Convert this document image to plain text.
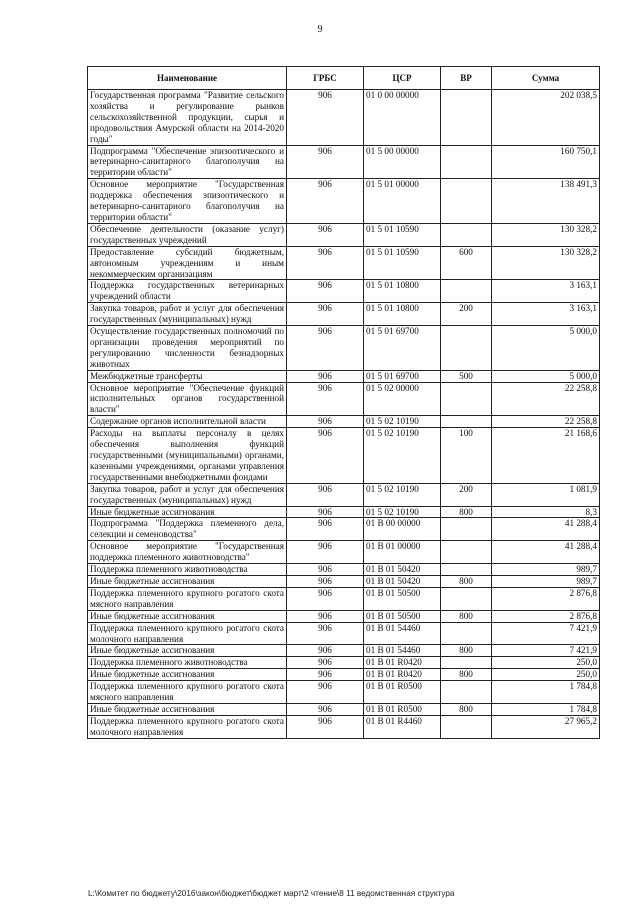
9
Наименование	ГРБС	ЦСР	ВР	Сумма
Государственная программа "Развитие сельского хозяйства и регулирование рынков сельскохозяйственной продукции, сырья и продовольствия Амурской области на 2014-2020 годы"	906	01 0 00 00000		202 038,5
Подпрограмма "Обеспечение эпизоотического и ветеринарно-санитарного благополучия на территории области"	906	01 5 00 00000		160 750,1
Основное мероприятие "Государственная поддержка обеспечения эпизоотического и ветеринарно-санитарного благополучия на территории области"	906	01 5 01 00000		138 491,3
Обеспечение деятельности (оказание услуг) государственных учреждений	906	01 5 01 10590		130 328,2
Предоставление субсидий бюджетным, автономным учреждениям и иным некоммерческим организациям	906	01 5 01 10590	600	130 328,2
Поддержка государственных ветеринарных учреждений области	906	01 5 01 10800		3 163,1
Закупка товаров, работ и услуг для обеспечения государственных (муниципальных) нужд	906	01 5 01 10800	200	3 163,1
Осуществление государственных полномочий по организации проведения мероприятий по регулированию численности безнадзорных животных	906	01 5 01 69700		5 000,0
Межбюджетные трансферты	906	01 5 01 69700	500	5 000,0
Основное мероприятие "Обеспечение функций исполнительных органов государственной власти"	906	01 5 02 00000		22 258,8
Содержание органов исполнительной власти	906	01 5 02 10190		22 258,8
Расходы на выплаты персоналу в целях обеспечения выполнения функций государственными (муниципальными) органами, казенными учреждениями, органами управления государственными внебюджетными фондами	906	01 5 02 10190	100	21 168,6
Закупка товаров, работ и услуг для обеспечения государственных (муниципальных) нужд	906	01 5 02 10190	200	1 081,9
Иные бюджетные ассигнования	906	01 5 02 10190	800	8,3
Подпрограмма "Поддержка племенного дела, селекции и семеноводства"	906	01 В 00 00000		41 288,4
Основное мероприятие "Государственная поддержка племенного животноводства"	906	01 В 01 00000		41 288,4
Поддержка племенного животноводства	906	01 В 01 50420		989,7
Иные бюджетные ассигнования	906	01 В 01 50420	800	989,7
Поддержка племенного крупного рогатого скота мясного направления	906	01 В 01 50500		2 876,8
Иные бюджетные ассигнования	906	01 В 01 50500	800	2 876,8
Поддержка племенного крупного рогатого скота молочного направления	906	01 В 01 54460		7 421,9
Иные бюджетные ассигнования	906	01 В 01 54460	800	7 421,9
Поддержка племенного животноводства	906	01 В 01 R0420		250,0
Иные бюджетные ассигнования	906	01 В 01 R0420	800	250,0
Поддержка племенного крупного рогатого скота мясного направления	906	01 В 01 R0500		1 784,8
Иные бюджетные ассигнования	906	01 В 01 R0500	800	1 784,8
Поддержка племенного крупного рогатого скота молочного направления	906	01 В 01 R4460		27 965,2
L:\Комитет по бюджету\2016\закон\бюджет\бюджет март\2 чтение\8 11 ведомственная структура
